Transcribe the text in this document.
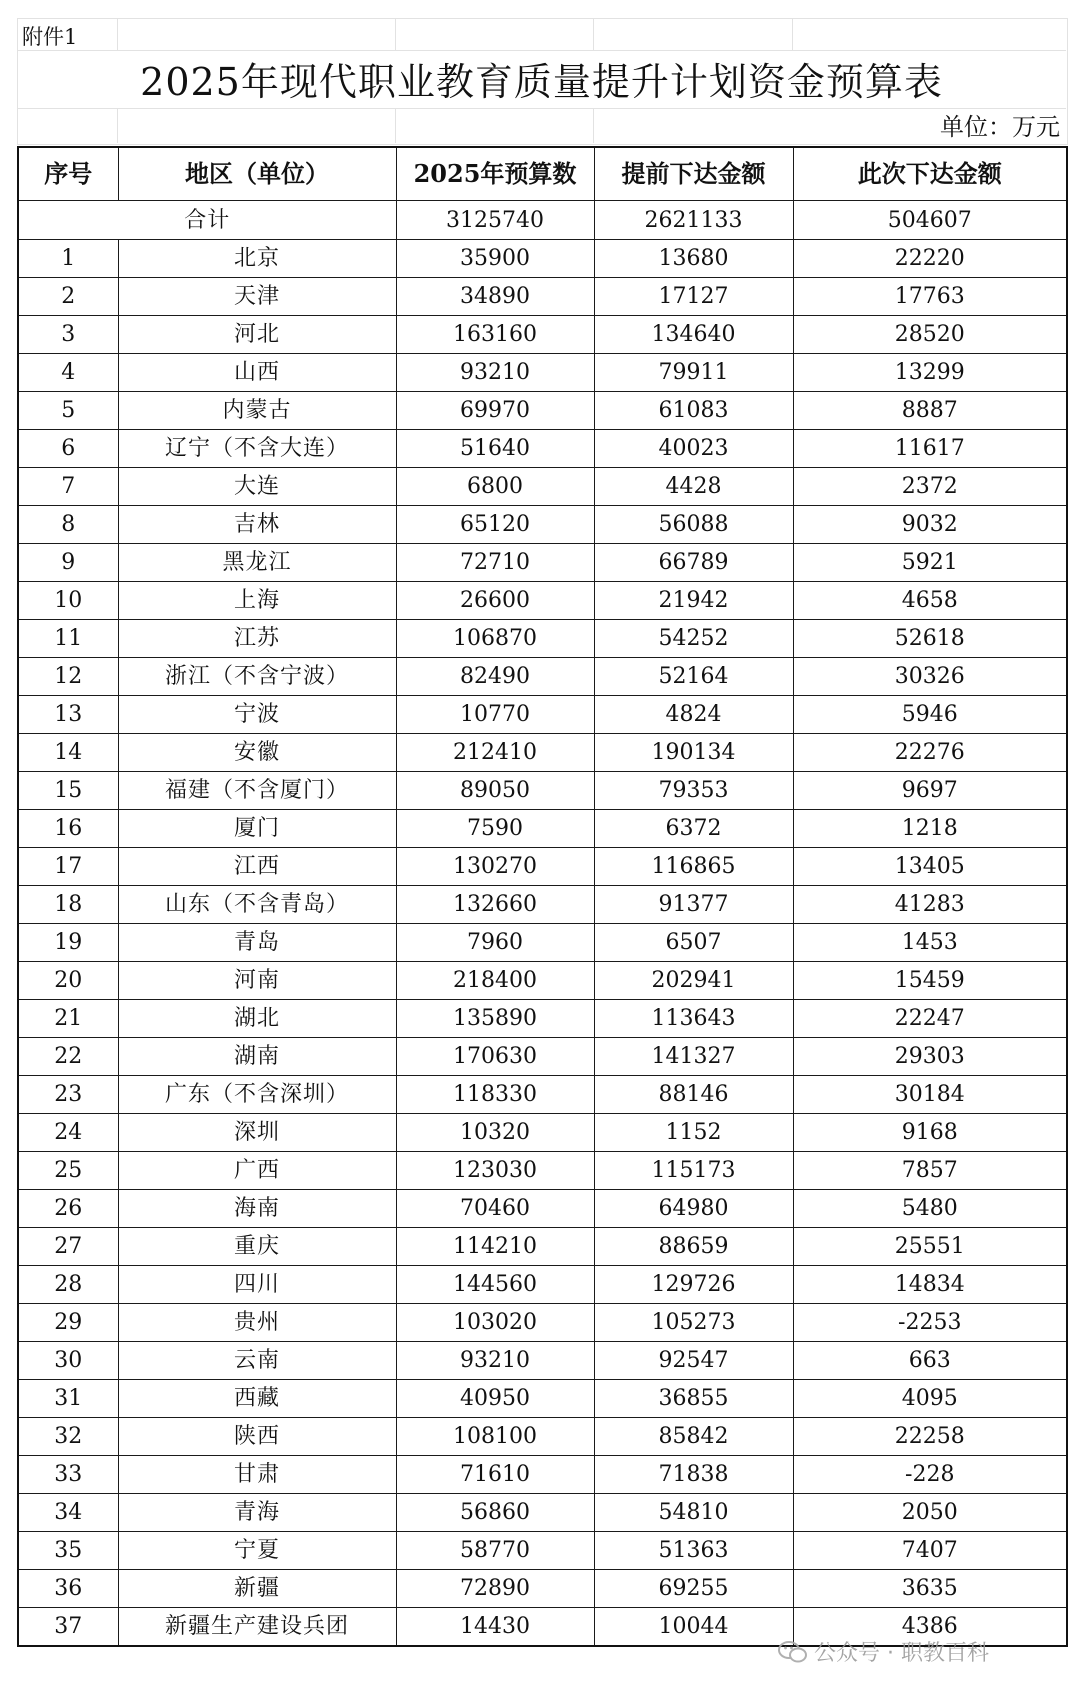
附件1
2025年现代职业教育质量提升计划资金预算表
单位：万元
序号	地区（单位）	2025年预算数	提前下达金额	此次下达金额
合计		3125740	2621133	504607
1	北京	35900	13680	22220
2	天津	34890	17127	17763
3	河北	163160	134640	28520
4	山西	93210	79911	13299
5	内蒙古	69970	61083	8887
6	辽宁（不含大连）	51640	40023	11617
7	大连	6800	4428	2372
8	吉林	65120	56088	9032
9	黑龙江	72710	66789	5921
10	上海	26600	21942	4658
11	江苏	106870	54252	52618
12	浙江（不含宁波）	82490	52164	30326
13	宁波	10770	4824	5946
14	安徽	212410	190134	22276
15	福建（不含厦门）	89050	79353	9697
16	厦门	7590	6372	1218
17	江西	130270	116865	13405
18	山东（不含青岛）	132660	91377	41283
19	青岛	7960	6507	1453
20	河南	218400	202941	15459
21	湖北	135890	113643	22247
22	湖南	170630	141327	29303
23	广东（不含深圳）	118330	88146	30184
24	深圳	10320	1152	9168
25	广西	123030	115173	7857
26	海南	70460	64980	5480
27	重庆	114210	88659	25551
28	四川	144560	129726	14834
29	贵州	103020	105273	-2253
30	云南	93210	92547	663
31	西藏	40950	36855	4095
32	陕西	108100	85842	22258
33	甘肃	71610	71838	-228
34	青海	56860	54810	2050
35	宁夏	58770	51363	7407
36	新疆	72890	69255	3635
37	新疆生产建设兵团	14430	10044	4386
公众号 · 职教百科
